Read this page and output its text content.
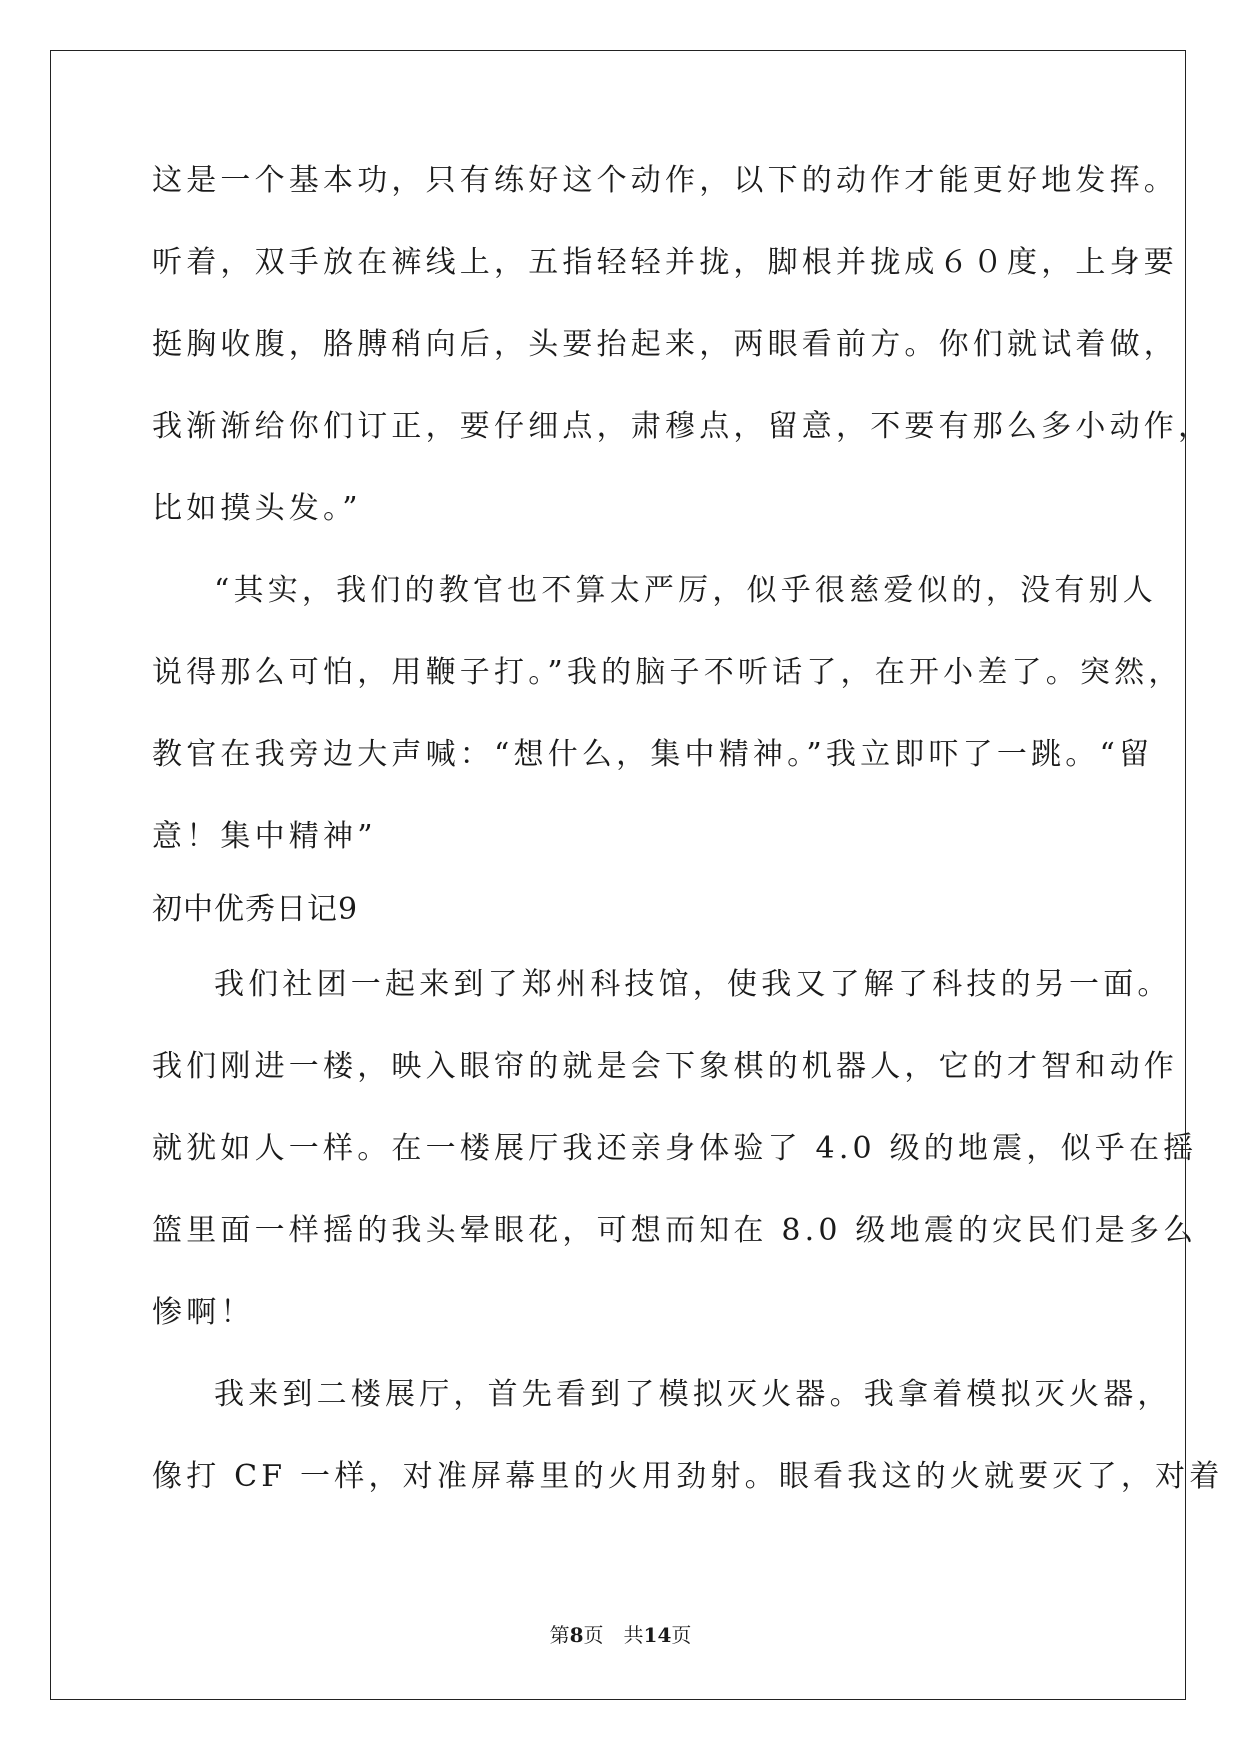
这是一个基本功，只有练好这个动作，以下的动作才能更好地发挥。
听着，双手放在裤线上，五指轻轻并拢，脚根并拢成６０度，上身要
挺胸收腹，胳膊稍向后，头要抬起来，两眼看前方。你们就试着做，
我渐渐给你们订正，要仔细点，肃穆点，留意，不要有那么多小动作，
比如摸头发。”
“其实，我们的教官也不算太严厉，似乎很慈爱似的，没有别人
说得那么可怕，用鞭子打。”我的脑子不听话了，在开小差了。突然，
教官在我旁边大声喊：“想什么，集中精神。”我立即吓了一跳。“留
意！集中精神”
初中优秀日记9
我们社团一起来到了郑州科技馆，使我又了解了科技的另一面。
我们刚进一楼，映入眼帘的就是会下象棋的机器人，它的才智和动作
就犹如人一样。在一楼展厅我还亲身体验了 4.0 级的地震，似乎在摇
篮里面一样摇的我头晕眼花，可想而知在 8.0 级地震的灾民们是多么
惨啊！
我来到二楼展厅，首先看到了模拟灭火器。我拿着模拟灭火器，
像打 CF 一样，对准屏幕里的火用劲射。眼看我这的火就要灭了，对着
第8页　共14页
